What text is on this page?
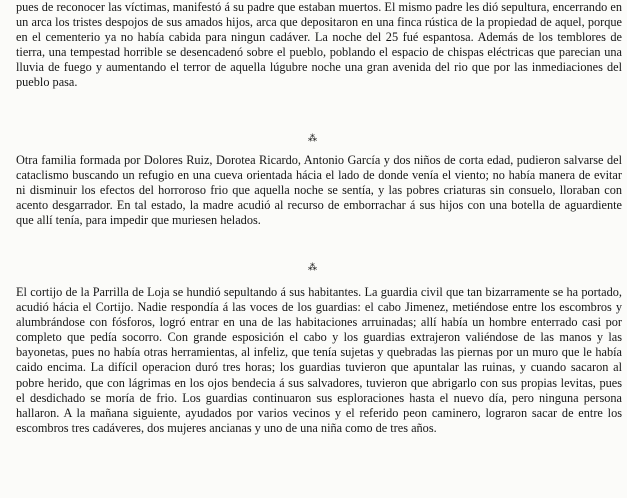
pues de reconocer las víctimas, manifestó á su padre que estaban muertos. El mismo padre les dió sepultura, encerrando en un arca los tristes despojos de sus amados hijos, arca que depositaron en una finca rústica de la propiedad de aquel, porque en el cementerio ya no había cabida para ningun cadáver. La noche del 25 fué espantosa. Además de los temblores de tierra, una tempestad horrible se desencadenó sobre el pueblo, poblando el espacio de chispas eléctricas que parecian una lluvia de fuego y aumentando el terror de aquella lúgubre noche una gran avenida del rio que por las inmediaciones del pueblo pasa.

⁂

Otra familia formada por Dolores Ruiz, Dorotea Ricardo, Antonio García y dos niños de corta edad, pudieron salvarse del cataclismo buscando un refugio en una cueva orientada hácia el lado de donde venía el viento; no había manera de evitar ni disminuir los efectos del horroroso frio que aquella noche se sentía, y las pobres criaturas sin consuelo, lloraban con acento desgarrador. En tal estado, la madre acudió al recurso de emborrachar á sus hijos con una botella de aguardiente que allí tenía, para impedir que muriesen helados.

⁂

El cortijo de la Parrilla de Loja se hundió sepultando á sus habitantes. La guardia civil que tan bizarramente se ha portado, acudió hácia el Cortijo. Nadie respondía á las voces de los guardias: el cabo Jimenez, metiéndose entre los escombros y alumbrándose con fósforos, logró entrar en una de las habitaciones arruinadas; allí había un hombre enterrado casi por completo que pedía socorro. Con grande esposición el cabo y los guardias extrajeron valiéndose de las manos y las bayonetas, pues no había otras herramientas, al infeliz, que tenía sujetas y quebradas las piernas por un muro que le había caido encima. La difícil operacion duró tres horas; los guardias tuvieron que apuntalar las ruinas, y cuando sacaron al pobre herido, que con lágrimas en los ojos bendecia á sus salvadores, tuvieron que abrigarlo con sus propias levitas, pues el desdichado se moría de frio. Los guardias continuaron sus esploraciones hasta el nuevo día, pero ninguna persona hallaron. A la mañana siguiente, ayudados por varios vecinos y el referido peon caminero, lograron sacar de entre los escombros tres cadáveres, dos mujeres ancianas y uno de una niña como de tres años.
